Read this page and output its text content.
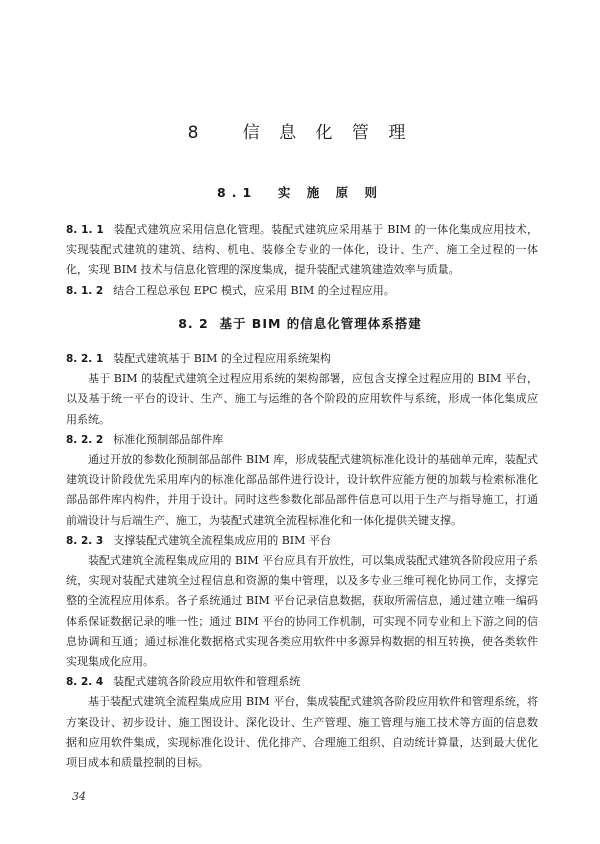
8 信 息 化 管 理
8.1 实 施 原 则

8. 1. 1 装配式建筑应采用信息化管理。装配式建筑应采用基于 BIM 的一体化集成应用技术，实现装配式建筑的建筑、结构、机电、装修全专业的一体化，设计、生产、施工全过程的一体化，实现 BIM 技术与信息化管理的深度集成，提升装配式建筑建造效率与质量。

8. 1. 2 结合工程总承包 EPC 模式，应采用 BIM 的全过程应用。

8. 2 基于 BIM 的信息化管理体系搭建

8. 2. 1 装配式建筑基于 BIM 的全过程应用系统架构

基于 BIM 的装配式建筑全过程应用系统的架构部署，应包含支撑全过程应用的 BIM 平台，以及基于统一平台的设计、生产、施工与运维的各个阶段的应用软件与系统，形成一体化集成应用系统。

8. 2. 2 标准化预制部品部件库

通过开放的参数化预制部品部件 BIM 库，形成装配式建筑标准化设计的基础单元库，装配式建筑设计阶段优先采用库内的标准化部品部件进行设计，设计软件应能方便的加载与检索标准化部品部件库内构件，并用于设计。同时这些参数化部品部件信息可以用于生产与指导施工，打通前端设计与后端生产、施工，为装配式建筑全流程标准化和一体化提供关键支撑。

8. 2. 3 支撑装配式建筑全流程集成应用的 BIM 平台

装配式建筑全流程集成应用的 BIM 平台应具有开放性，可以集成装配式建筑各阶段应用子系统，实现对装配式建筑全过程信息和资源的集中管理，以及多专业三维可视化协同工作，支撑完整的全流程应用体系。各子系统通过 BIM 平台记录信息数据，获取所需信息，通过建立唯一编码体系保证数据记录的唯一性；通过 BIM 平台的协同工作机制，可实现不同专业和上下游之间的信息协调和互通；通过标准化数据格式实现各类应用软件中多源异构数据的相互转换，使各类软件实现集成化应用。

8. 2. 4 装配式建筑各阶段应用软件和管理系统

基于装配式建筑全流程集成应用 BIM 平台，集成装配式建筑各阶段应用软件和管理系统，将方案设计、初步设计、施工图设计、深化设计、生产管理、施工管理与施工技术等方面的信息数据和应用软件集成，实现标准化设计、优化排产、合理施工组织、自动统计算量，达到最大优化项目成本和质量控制的目标。

34
